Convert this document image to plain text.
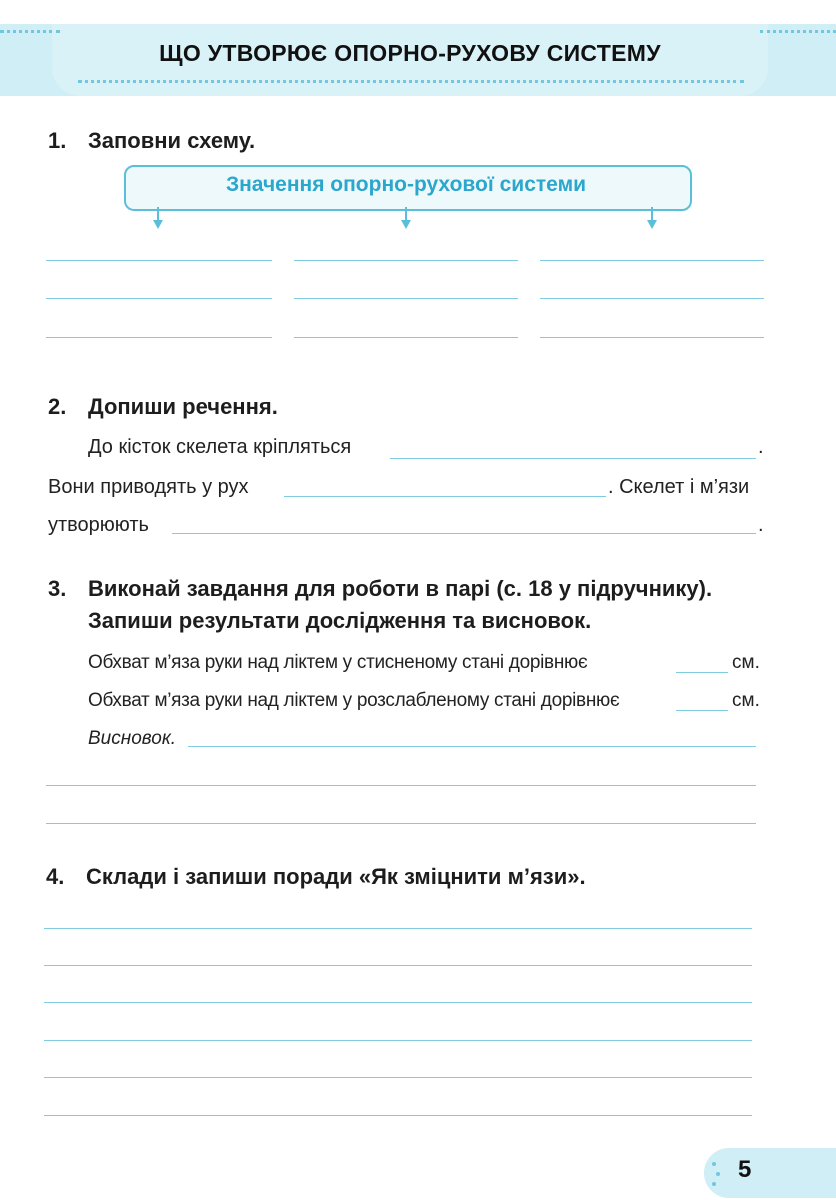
ЩО УТВОРЮЄ ОПОРНО-РУХОВУ СИСТЕМУ
1. Заповни схему.
Значення опорно-рухової системи
2. Допиши речення.
До кісток скелета кріпляться	.
Вони приводять у рух	. Скелет і м’язи
утворюють	.
3. Виконай завдання для роботи в парі (с. 18 у підручнику).
Запиши результати дослідження та висновок.
Обхват м’яза руки над ліктем у стисненому стані дорівнює	см.
Обхват м’яза руки над ліктем у розслабленому стані дорівнює	см.
Висновок.
4. Склади і запиши поради «Як зміцнити м’язи».
5
